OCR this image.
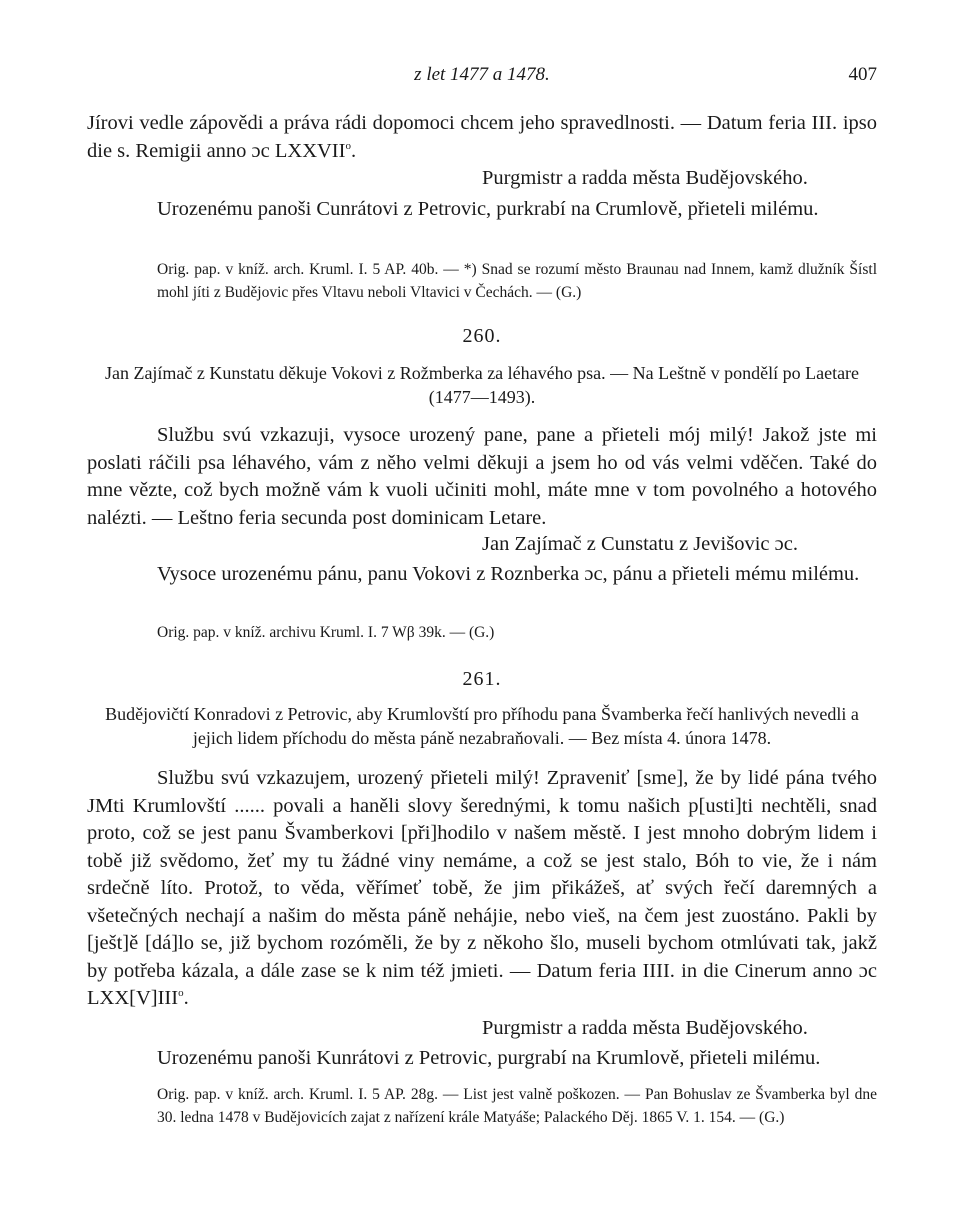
z let 1477 a 1478.	407

Jírovi vedle zápovědi a práva rádi dopomoci chcem jeho spravedlnosti. — Datum feria III. ipso die s. Remigii anno ɔc LXXVII$^o$.

Purgmistr a radda města Budějovského.

Urozenému panoši Cunrátovi z Petrovic, purkrabí na Crumlově, přieteli milému.

Orig. pap. v kníž. arch. Kruml. I. 5 AP. 40b. — *) Snad se rozumí město Braunau nad Innem, kamž dlužník Šístl mohl jíti z Budějovic přes Vltavu neboli Vltavici v Čechách. — (G.)
260.
Jan Zajímač z Kunstatu děkuje Vokovi z Rožmberka za léhavého psa. — Na Leštně v pondělí po Laetare (1477—1493).

Službu svú vzkazuji, vysoce urozený pane, pane a přieteli mój milý! Jakož jste mi poslati ráčili psa léhavého, vám z něho velmi děkuji a jsem ho od vás velmi vděčen. Také do mne vězte, což bych možně vám k vuoli učiniti mohl, máte mne v tom povolného a hotového nalézti. — Leštno feria secunda post dominicam Letare.

Jan Zajímač z Cunstatu z Jevišovic ɔc.

Vysoce urozenému pánu, panu Vokovi z Roznberka ɔc, pánu a přieteli mému milému.

Orig. pap. v kníž. archivu Kruml. I. 7 Wβ 39k. — (G.)
261.
Budějovičtí Konradovi z Petrovic, aby Krumlovští pro příhodu pana Švamberka řečí hanlivých nevedli a jejich lidem příchodu do města páně nezabraňovali. — Bez místa 4. února 1478.

Službu svú vzkazujem, urozený přieteli milý! Zpraveniť [sme], že by lidé pána tvého JMti Krumlovští ...... povali a haněli slovy šerednými, k tomu našich p[usti]ti nechtěli, snad proto, což se jest panu Švamberkovi [při]hodilo v našem městě. I jest mnoho dobrým lidem i tobě již svědomo, žeť my tu žádné viny nemáme, a což se jest stalo, Bóh to vie, že i nám srdečně líto. Protož, to věda, věřímeť tobě, že jim přikážeš, ať svých řečí daremných a všetečných nechají a našim do města páně nehájie, nebo vieš, na čem jest zuostáno. Pakli by [ješt]ě [dá]lo se, již bychom rozóměli, že by z někoho šlo, museli bychom otmlúvati tak, jakž by potřeba kázala, a dále zase se k nim též jmieti. — Datum feria IIII. in die Cinerum anno ɔc LXX[V]III$^o$.

Purgmistr a radda města Budějovského.

Urozenému panoši Kunrátovi z Petrovic, purgrabí na Krumlově, přieteli milému.

Orig. pap. v kníž. arch. Kruml. I. 5 AP. 28g. — List jest valně poškozen. — Pan Bohuslav ze Švamberka byl dne 30. ledna 1478 v Budějovicích zajat z nařízení krále Matyáše; Palackého Děj. 1865 V. 1. 154. — (G.)
